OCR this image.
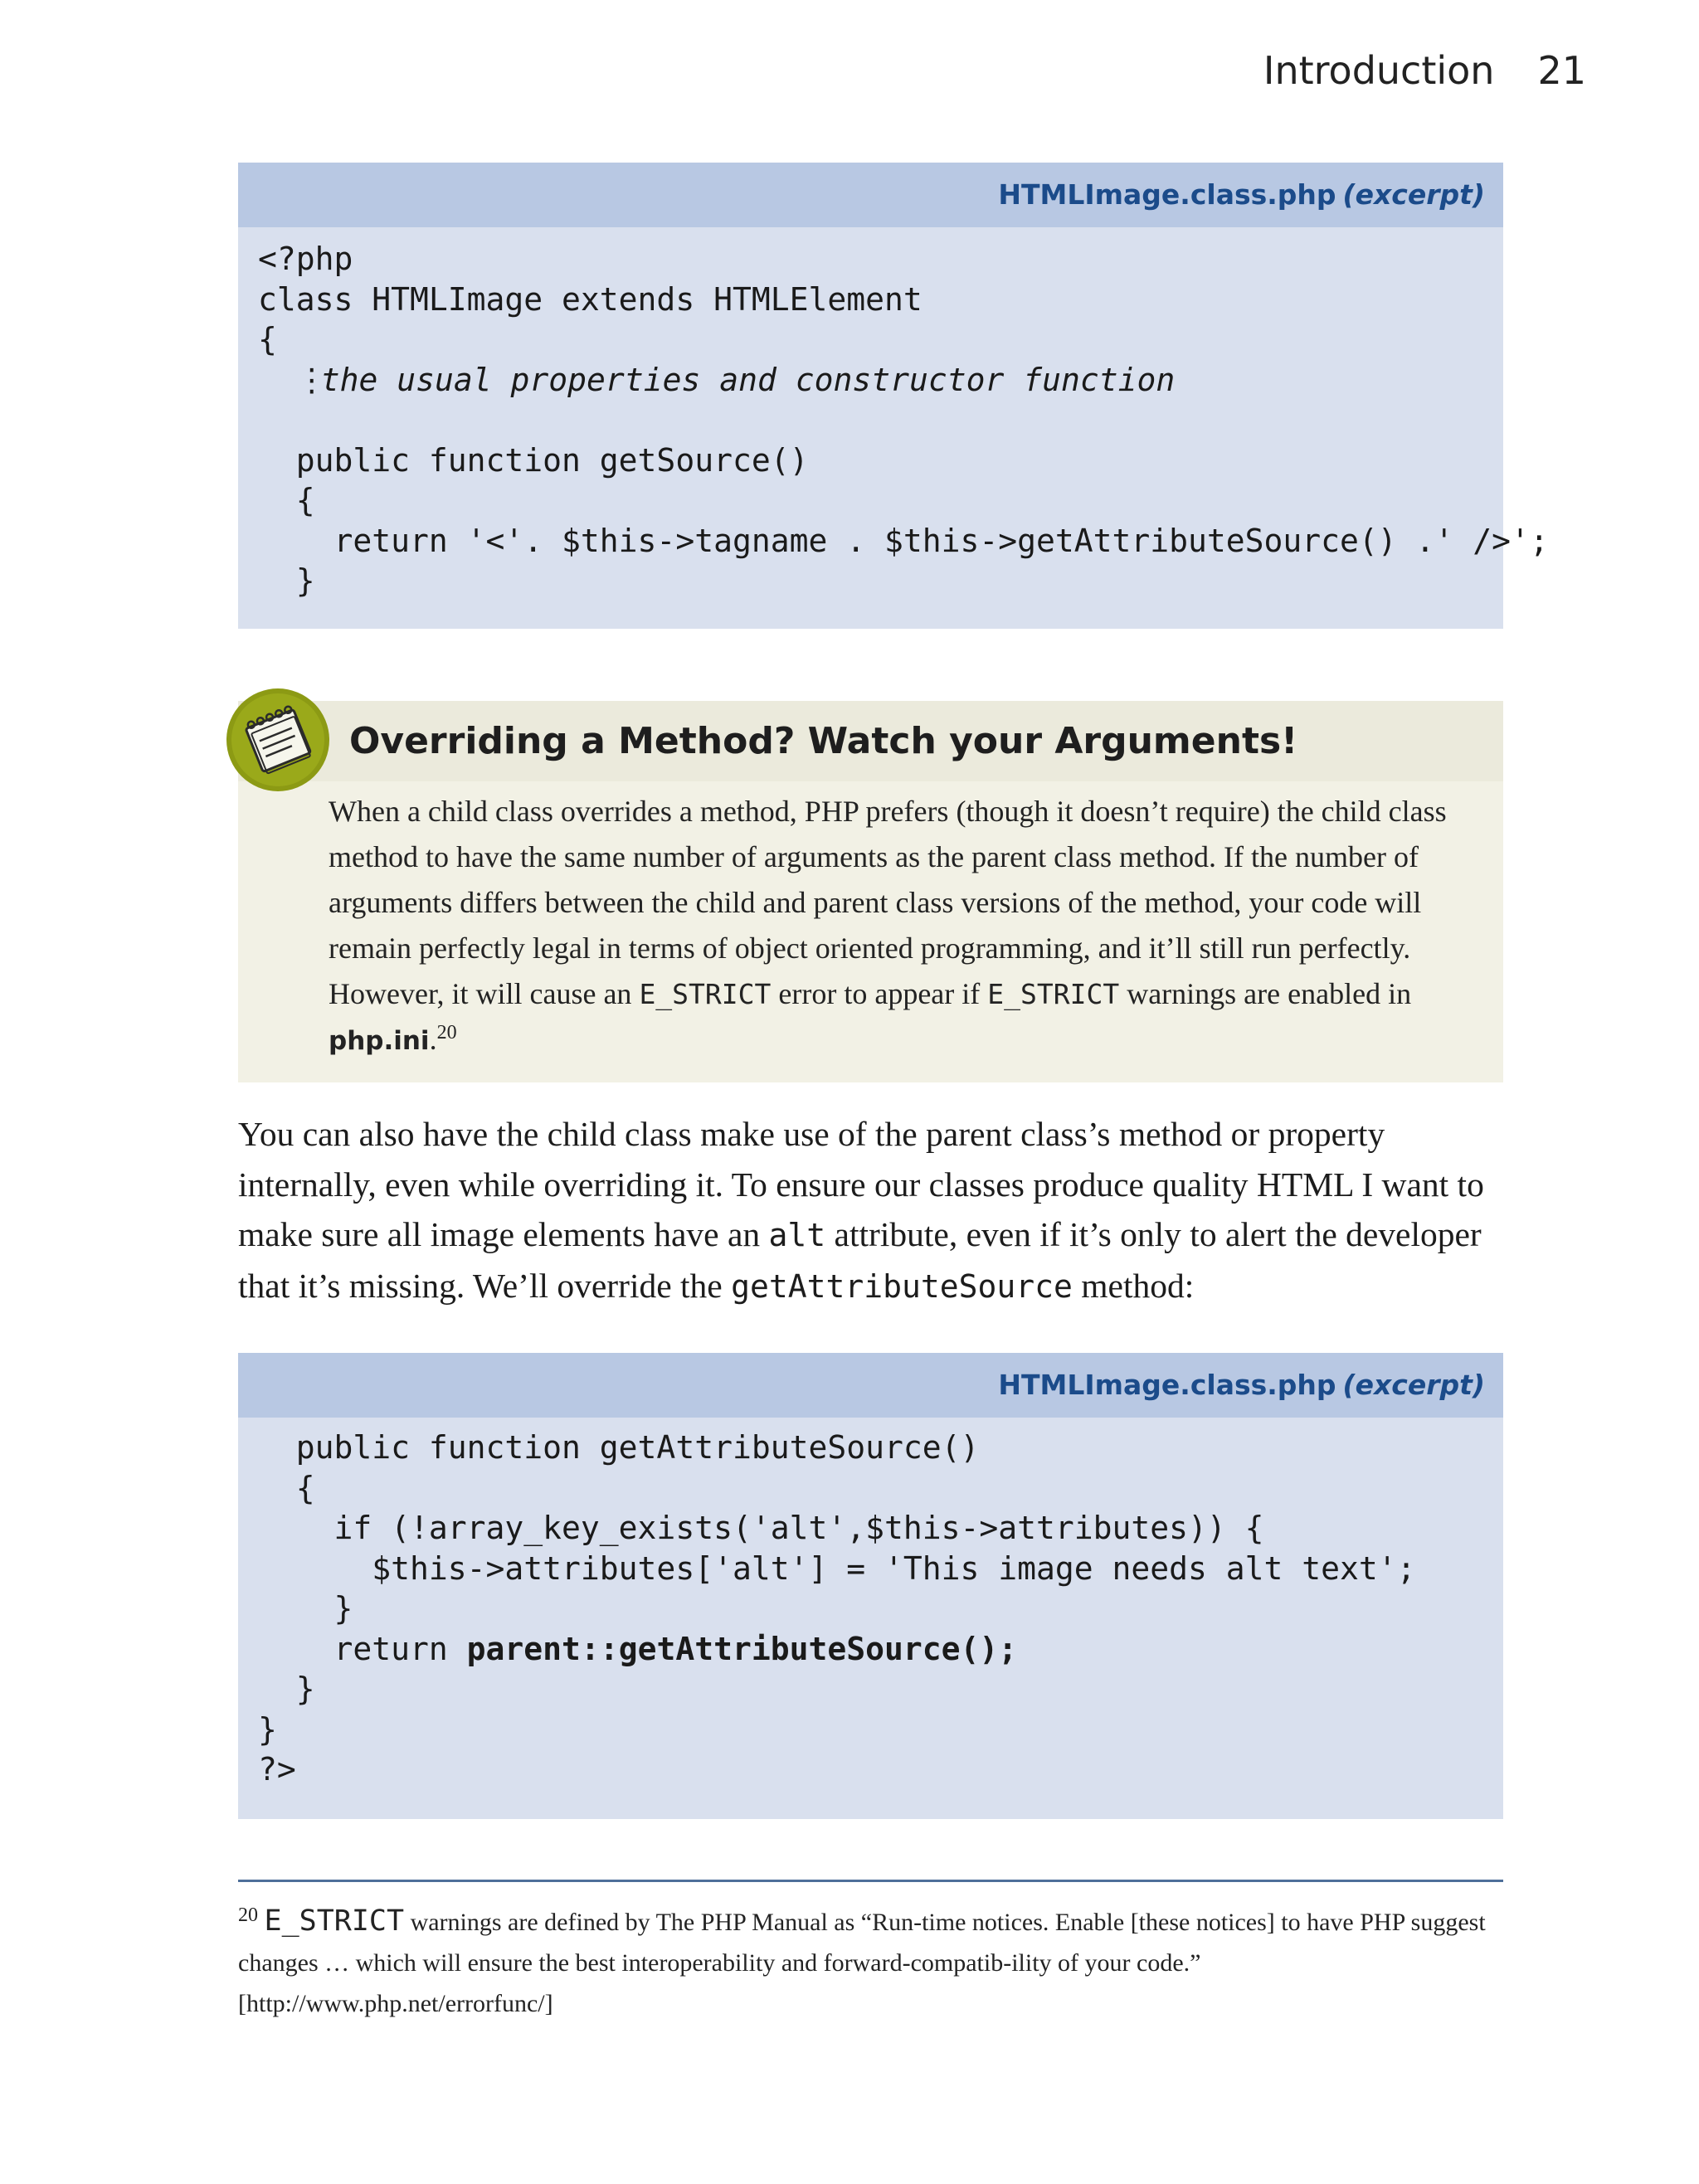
Introduction 21
HTMLImage.class.php (excerpt)
<?php
class HTMLImage extends HTMLElement
{
⋮the usual properties and constructor function

public function getSource()
{
return '<'. $this->tagname . $this->getAttributeSource() .' />';
}
Overriding a Method? Watch your Arguments!
When a child class overrides a method, PHP prefers (though it doesn’t require) the child class method to have the same number of arguments as the parent class method. If the number of arguments differs between the child and parent class versions of the method, your code will remain perfectly legal in terms of object oriented programming, and it’ll still run perfectly. However, it will cause an E_STRICT error to appear if E_STRICT warnings are enabled in php.ini.$^{20}$
You can also have the child class make use of the parent class’s method or property internally, even while overriding it. To ensure our classes produce quality HTML I want to make sure all image elements have an alt attribute, even if it’s only to alert the developer that it’s missing. We’ll override the getAttributeSource method:
HTMLImage.class.php (excerpt)
public function getAttributeSource()
{
if (!array_key_exists('alt',$this->attributes)) {
$this->attributes['alt'] = 'This image needs alt text';
}
return parent::getAttributeSource();
}
}
?>
$^{20}$ E_STRICT warnings are defined by The PHP Manual as “Run-time notices. Enable [these notices] to have PHP suggest changes … which will ensure the best interoperability and forward-compatib-ility of your code.” [http://www.php.net/errorfunc/]
